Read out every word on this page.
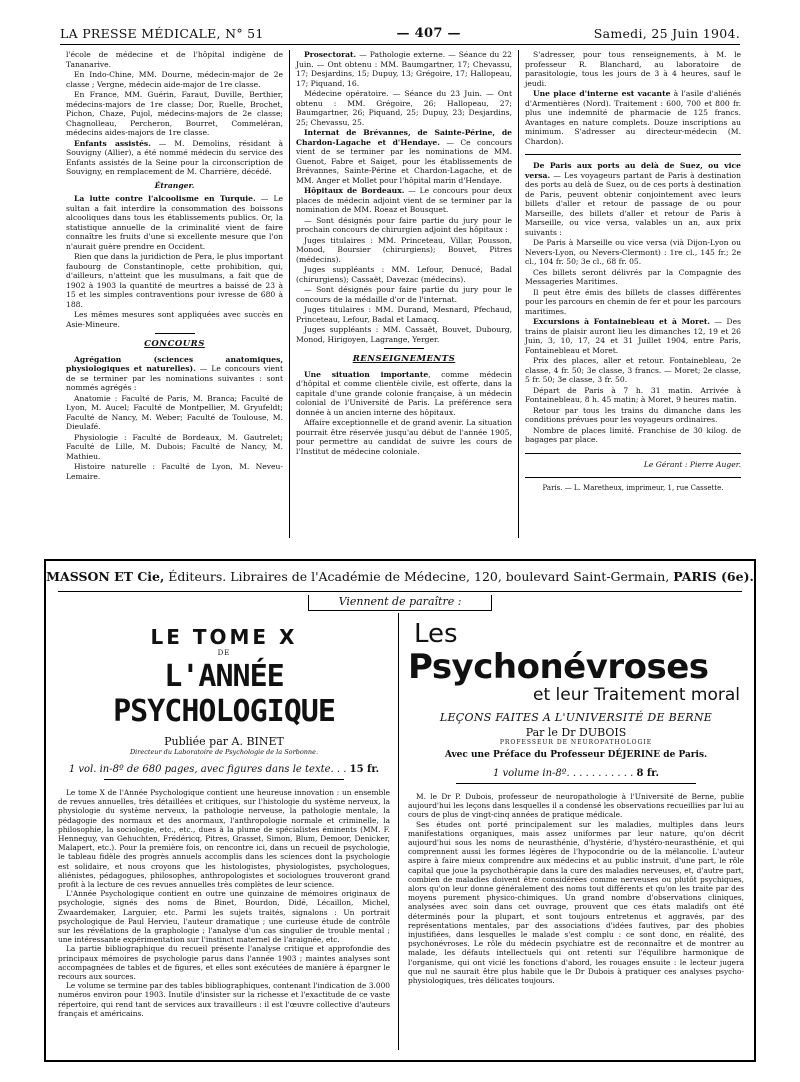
LA PRESSE MÉDICALE, N° 51	— 407 —	Samedi, 25 Juin 1904.

l'école de médecine et de l'hôpital indigène de Tananarive.

En Indo-Chine, MM. Dourne, médecin-major de 2e classe ; Vergne, médecin aide-major de 1re classe.

En France, MM. Guérin, Faraut, Duville, Berthier, médecins-majors de 1re classe; Dor, Ruelle, Brochet, Pichon, Chaze, Pujol, médecins-majors de 2e classe; Chagnolleau, Percheron, Bourret, Commeléran, médecins aides-majors de 1re classe.

Enfants assistés. — M. Demolins, résidant à Souvigny (Allier), a été nommé médecin du service des Enfants assistés de la Seine pour la circonscription de Souvigny, en remplacement de M. Charrière, décédé.

Étranger.

La lutte contre l'alcoolisme en Turquie. — Le sultan a fait interdire la consommation des boissons alcooliques dans tous les établissements publics. Or, la statistique annuelle de la criminalité vient de faire connaître les fruits d'une si excellente mesure que l'on n'aurait guère prendre en Occident.

Rien que dans la juridiction de Pera, le plus important faubourg de Constantinople, cette prohibition, qui, d'ailleurs, n'atteint que les musulmans, a fait que de 1902 à 1903 la quantité de meurtres a baissé de 23 à 15 et les simples contraventions pour ivresse de 680 à 188.

Les mêmes mesures sont appliquées avec succès en Asie-Mineure.

CONCOURS

Agrégation (sciences anatomiques, physiologiques et naturelles). — Le concours vient de se terminer par les nominations suivantes : sont nommés agrégés :

Anatomie : Faculté de Paris, M. Branca; Faculté de Lyon, M. Aucel; Faculté de Montpellier, M. Gryufeldt; Faculté de Nancy, M. Weber; Faculté de Toulouse, M. Dieulafé.

Physiologie : Faculté de Bordeaux, M. Gautrelet; Faculté de Lille, M. Dubois; Faculté de Nancy, M. Mathieu.

Histoire naturelle : Faculté de Lyon, M. Neveu-Lemaire.

Prosectorat. — Pathologie externe. — Séance du 22 Juin. — Ont obtenu : MM. Baumgartner, 17; Chevassu, 17; Desjardins, 15; Dupuy, 13; Grégoire, 17; Hallopeau, 17; Piquand, 16.

Médecine opératoire. — Séance du 23 Juin. — Ont obtenu : MM. Grégoire, 26; Hallopeau, 27; Baumgartner, 26; Piquand, 25; Dupuy, 23; Desjardins, 25; Chevassu, 25.

Internat de Brévannes, de Sainte-Périne, de Chardon-Lagache et d'Hendaye. — Ce concours vient de se terminer par les nominations de MM. Guenot, Fabre et Saiget, pour les établissements de Brévannes, Sainte-Périne et Chardon-Lagache, et de MM. Anger et Mollet pour l'hôpital marin d'Hendaye.

Hôpitaux de Bordeaux. — Le concours pour deux places de médecin adjoint vient de se terminer par la nomination de MM. Roeaz et Bousquet.

— Sont désignés pour faire partie du jury pour le prochain concours de chirurgien adjoint des hôpitaux :

Juges titulaires : MM. Princeteau, Villar, Pousson, Monod, Boursier (chirurgiens); Bouvet, Pitres (médecins).

Juges suppléants : MM. Lefour, Denucé, Badal (chirurgiens); Cassaët, Davezac (médecins).

— Sont désignés pour faire partie du jury pour le concours de la médaille d'or de l'internat.

Juges titulaires : MM. Durand, Mesnard, Pfechaud, Princeteau, Lefour, Badal et Lamacq.

Juges suppléants : MM. Cassaët, Bouvet, Dubourg, Monod, Hirigoyen, Lagrange, Yerger.

RENSEIGNEMENTS

Une situation importante, comme médecin d'hôpital et comme clientèle civile, est offerte, dans la capitale d'une grande colonie française, à un médecin colonial de l'Université de Paris. La préférence sera donnée à un ancien interne des hôpitaux.

Affaire exceptionnelle et de grand avenir. La situation pourrait être réservée jusqu'au début de l'année 1905, pour permettre au candidat de suivre les cours de l'Institut de médecine coloniale.

S'adresser, pour tous renseignements, à M. le professeur R. Blanchard, au laboratoire de parasitologie, tous les jours de 3 à 4 heures, sauf le jeudi.

Une place d'interne est vacante à l'asile d'aliénés d'Armentières (Nord). Traitement : 600, 700 et 800 fr. plus une indemnité de pharmacie de 125 francs. Avantages en nature complets. Douze inscriptions au minimum. S'adresser au directeur-médecin (M. Chardon).

De Paris aux ports au delà de Suez, ou vice versa. — Les voyageurs partant de Paris à destination des ports au delà de Suez, ou de ces ports à destination de Paris, peuvent obtenir conjointement avec leurs billets d'aller et retour de passage de ou pour Marseille, des billets d'aller et retour de Paris à Marseille, ou vice versa, valables un an, aux prix suivants :

De Paris à Marseille ou vice versa (vià Dijon-Lyon ou Nevers-Lyon, ou Nevers-Clermont) : 1re cl., 145 fr.; 2e cl., 104 fr. 50; 3e cl., 68 fr. 05.

Ces billets seront délivrés par la Compagnie des Messageries Maritimes.

Il peut être émis des billets de classes différentes pour les parcours en chemin de fer et pour les parcours maritimes.

Excursions à Fontainebleau et à Moret. — Des trains de plaisir auront lieu les dimanches 12, 19 et 26 Juin, 3, 10, 17, 24 et 31 Juillet 1904, entre Paris, Fontainebleau et Moret.

Prix des places, aller et retour. Fontainebleau, 2e classe, 4 fr. 50; 3e classe, 3 francs. — Moret; 2e classe, 5 fr. 50; 3e classe, 3 fr. 50.

Départ de Paris à 7 h. 31 matin. Arrivée à Fontainebleau, 8 h. 45 matin; à Moret, 9 heures matin.

Retour par tous les trains du dimanche dans les conditions prévues pour les voyageurs ordinaires.

Nombre de places limité. Franchise de 30 kilog. de bagages par place.

Le Gérant : Pierre Auger.
Paris. — L. Maretheux, imprimeur, 1, rue Cassette.
MASSON ET Cie, Éditeurs. Libraires de l'Académie de Médecine, 120, boulevard Saint-Germain, PARIS (6e).
Viennent de paraître :
LE TOME X
DE
L'ANNÉE PSYCHOLOGIQUE
Publiée par A. BINET
Directeur du Laboratoire de Psychologie de la Sorbonne.
1 vol. in-8º de 680 pages, avec figures dans le texte. . . 15 fr.

Le tome X de l'Année Psychologique contient une heureuse innovation : un ensemble de revues annuelles, très détaillées et critiques, sur l'histologie du système nerveux, la physiologie du système nerveux, la pathologie nerveuse, la pathologie mentale, la pédagogie des normaux et des anormaux, l'anthropologie normale et criminelle, la philosophie, la sociologie, etc., etc., dues à la plume de spécialistes éminents (MM. F. Henneguy, van Gehuchten, Frédéricq, Pitres, Grasset, Simon, Blum, Demoor, Denicker, Malapert, etc.). Pour la première fois, on rencontre ici, dans un recueil de psychologie, le tableau fidèle des progrès annuels accomplis dans les sciences dont la psychologie est solidaire, et nous croyons que les histologistes, physiologistes, psychologues, aliénistes, pédagogues, philosophes, anthropologistes et sociologues trouveront grand profit à la lecture de ces revues annuelles très complètes de leur science.

L'Année Psychologique contient en outre une quinzaine de mémoires originaux de psychologie, signés des noms de Binet, Bourdon, Didé, Lécaillon, Michel, Zwaardemaker, Larguier, etc. Parmi les sujets traités, signalons : Un portrait psychologique de Paul Hervieu, l'auteur dramatique ; une curieuse étude de contrôle sur les révélations de la graphologie ; l'analyse d'un cas singulier de trouble mental ; une intéressante expérimentation sur l'instinct maternel de l'araignée, etc.

La partie bibliographique du recueil présente l'analyse critique et approfondie des principaux mémoires de psychologie parus dans l'année 1903 ; maintes analyses sont accompagnées de tables et de figures, et elles sont exécutées de manière à épargner le recours aux sources.

Le volume se termine par des tables bibliographiques, contenant l'indication de 3.000 numéros environ pour 1903. Inutile d'insister sur la richesse et l'exactitude de ce vaste répertoire, qui rend tant de services aux travailleurs : il est l'œuvre collective d'auteurs français et américains.

Les
Psychonévroses
et leur Traitement moral
LEÇONS FAITES A L'UNIVERSITÉ DE BERNE
Par le Dr DUBOIS
PROFESSEUR DE NEUROPATHOLOGIE
Avec une Préface du Professeur DÉJERINE de Paris.
1 volume in-8º. . . . . . . . . . . 8 fr.

M. le Dr P. Dubois, professeur de neuropathologie à l'Université de Berne, publie aujourd'hui les leçons dans lesquelles il a condensé les observations recueillies par lui au cours de plus de vingt-cinq années de pratique médicale.

Ses études ont porté principalement sur les maladies, multiples dans leurs manifestations organiques, mais assez uniformes par leur nature, qu'on décrit aujourd'hui sous les noms de neurasthénie, d'hystérie, d'hystéro-neurasthénie, et qui comprennent aussi les formes légères de l'hypocondrie ou de la mélancolie. L'auteur aspire à faire mieux comprendre aux médecins et au public instruit, d'une part, le rôle capital que joue la psychothérapie dans la cure des maladies nerveuses, et, d'autre part, combien de maladies doivent être considérées comme nerveuses ou plutôt psychiques, alors qu'on leur donne généralement des noms tout différents et qu'on les traite par des moyens purement physico-chimiques. Un grand nombre d'observations cliniques, analysées avec soin dans cet ouvrage, prouvent que ces états maladifs ont été déterminés pour la plupart, et sont toujours entretenus et aggravés, par des représentations mentales, par des associations d'idées fautives, par des phobies injustifiées, dans lesquelles le malade s'est complu : ce sont donc, en réalité, des psychonévroses. Le rôle du médecin psychiatre est de reconnaître et de montrer au malade, les défauts intellectuels qui ont retenti sur l'équilibre harmonique de l'organisme, qui ont vicié les fonctions d'abord, les rouages ensuite : le lecteur jugera que nul ne saurait être plus habile que le Dr Dubois à pratiquer ces analyses psycho-physiologiques, très délicates toujours.
